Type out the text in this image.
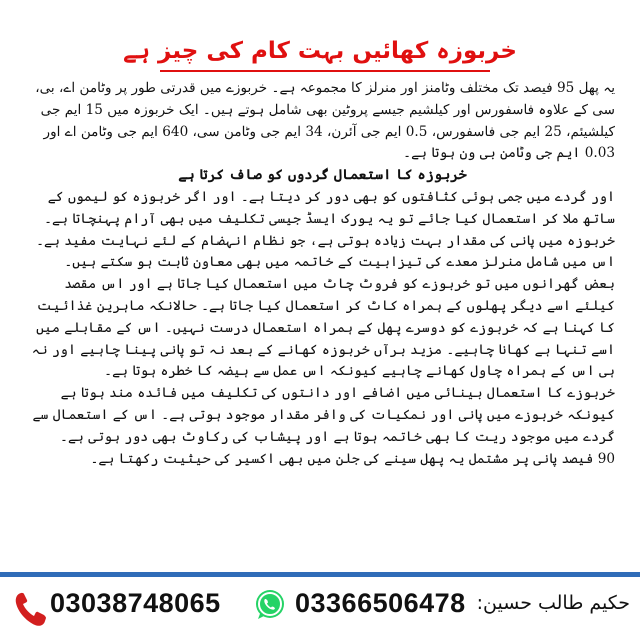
خربوزہ کھائیں بہت کام کی چیز ہے

یہ پھل 95 فیصد تک مختلف وٹامنز اور منرلز کا مجموعہ ہے۔ خربوزے میں قدرتی طور پر وٹامن اے، بی، سی کے علاوہ فاسفورس اور کیلشیم جیسے پروٹین بھی شامل ہوتے ہیں۔ ایک خربوزہ میں 15 ایم جی کیلشیئم، 25 ایم جی فاسفورس، 0.5 ایم جی آئرن، 34 ایم جی وٹامن سی، 640 ایم جی وٹامن اے اور 0.03 ایم جی وٹامن بی ون ہوتا ہے۔

خربوزہ کا استعمال گردوں کو صاف کرتا ہے

اور گردے میں جمی ہوئی کثافتوں کو بھی دور کر دیتا ہے۔ اور اگر خربوزہ کو لیموں کے ساتھ ملا کر استعمال کیا جائے تو یہ یورک ایسڈ جیسی تکلیف میں بھی آرام پہنچاتا ہے۔

خربوزہ میں پانی کی مقدار بہت زیادہ ہوتی ہے، جو نظام انہضام کے لئے نہایت مفید ہے۔ اس میں شامل منرلز معدے کی تیزابیت کے خاتمہ میں بھی معاون ثابت ہو سکتے ہیں۔

بعض گھرانوں میں تو خربوزے کو فروٹ چاٹ میں استعمال کیا جاتا ہے اور اس مقصد کیلئے اسے دیگر پھلوں کے ہمراہ کاٹ کر استعمال کیا جاتا ہے۔ حالانکہ ماہرین غذائیت کا کہنا ہے کہ خربوزے کو دوسرے پھل کے ہمراہ استعمال درست نہیں۔ اس کے مقابلے میں اسے تنہا ہے کھانا چاہیے۔ مزید برآں خربوزہ کھانے کے بعد نہ تو پانی پینا چاہیے اور نہ ہی اس کے ہمراہ چاول کھانے چاہیے کیونکہ اس عمل سے ہیضہ کا خطرہ ہوتا ہے۔

خربوزے کا استعمال بینائی میں اضافے اور دانتوں کی تکلیف میں فائدہ مند ہوتا ہے کیونکہ خربوزے میں پانی اور نمکیات کی وافر مقدار موجود ہوتی ہے۔ اس کے استعمال سے گردے میں موجود ریت کا بھی خاتمہ ہوتا ہے اور پیشاب کی رکاوٹ بھی دور ہوتی ہے۔

90 فیصد پانی پر مشتمل یہ پھل سینے کی جلن میں بھی اکسیر کی حیثیت رکھتا ہے۔

03038748065	03366506478 حکیم طالب حسین:
